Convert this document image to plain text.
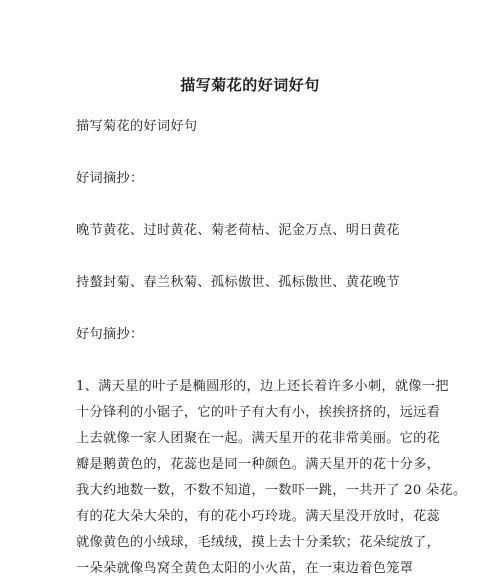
描写菊花的好词好句
描写菊花的好词好句
好词摘抄：
晚节黄花、过时黄花、菊老荷枯、泥金万点、明日黄花
持螯封菊、春兰秋菊、孤标傲世、孤标傲世、黄花晚节
好句摘抄：
1、满天星的叶子是椭圆形的，边上还长着许多小刺，就像一把
十分锋利的小锯子，它的叶子有大有小，挨挨挤挤的，远远看
上去就像一家人团聚在一起。满天星开的花非常美丽。它的花
瓣是鹅黄色的，花蕊也是同一种颜色。满天星开的花十分多，
我大约地数一数，不数不知道，一数吓一跳，一共开了 20 朵花。
有的花大朵大朵的，有的花小巧玲珑。满天星没开放时，花蕊
就像黄色的小绒球，毛绒绒，摸上去十分柔软；花朵绽放了，
一朵朵就像鸟窝全黄色太阳的小火苗，在一束边着色笼罩
